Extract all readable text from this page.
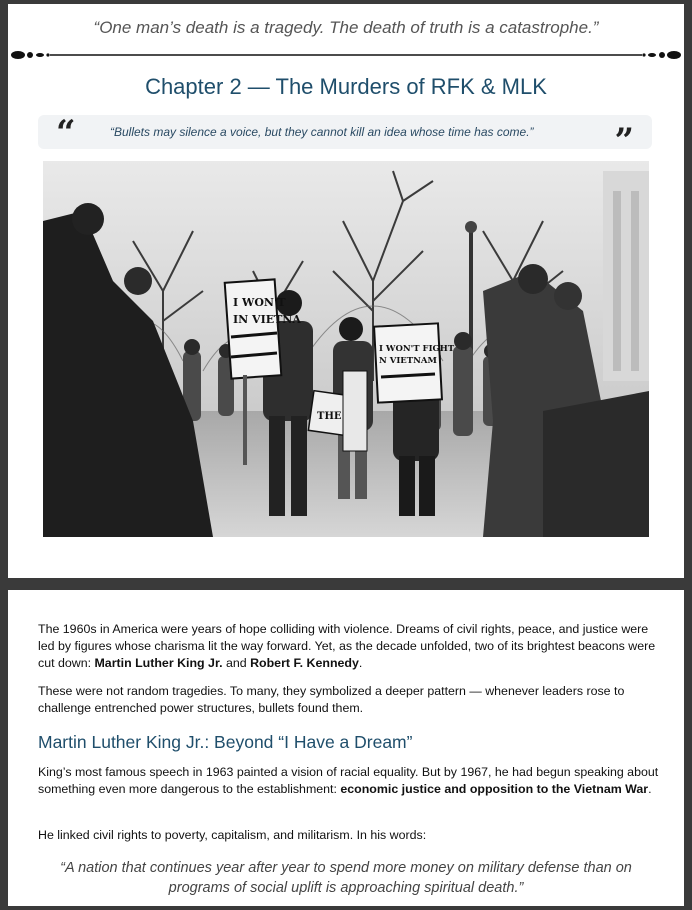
“One man’s death is a tragedy. The death of truth is a catastrophe.”
Chapter 2 — The Murders of RFK & MLK
“	“Bullets may silence a voice, but they cannot kill an idea whose time has come.” ”
I WON'T
IN VIETNA
I WON'T FIGHT
N VIETNAM
THE
The 1960s in America were years of hope colliding with violence. Dreams of civil rights, peace, and justice were led by figures whose charisma lit the way forward. Yet, as the decade unfolded, two of its brightest beacons were cut down: Martin Luther King Jr. and Robert F. Kennedy.
These were not random tragedies. To many, they symbolized a deeper pattern — whenever leaders rose to challenge entrenched power structures, bullets found them.
Martin Luther King Jr.: Beyond “I Have a Dream”
King’s most famous speech in 1963 painted a vision of racial equality. But by 1967, he had begun speaking about something even more dangerous to the establishment: economic justice and opposition to the Vietnam War.
He linked civil rights to poverty, capitalism, and militarism. In his words:
“A nation that continues year after year to spend more money on military defense than on programs of social uplift is approaching spiritual death.”
